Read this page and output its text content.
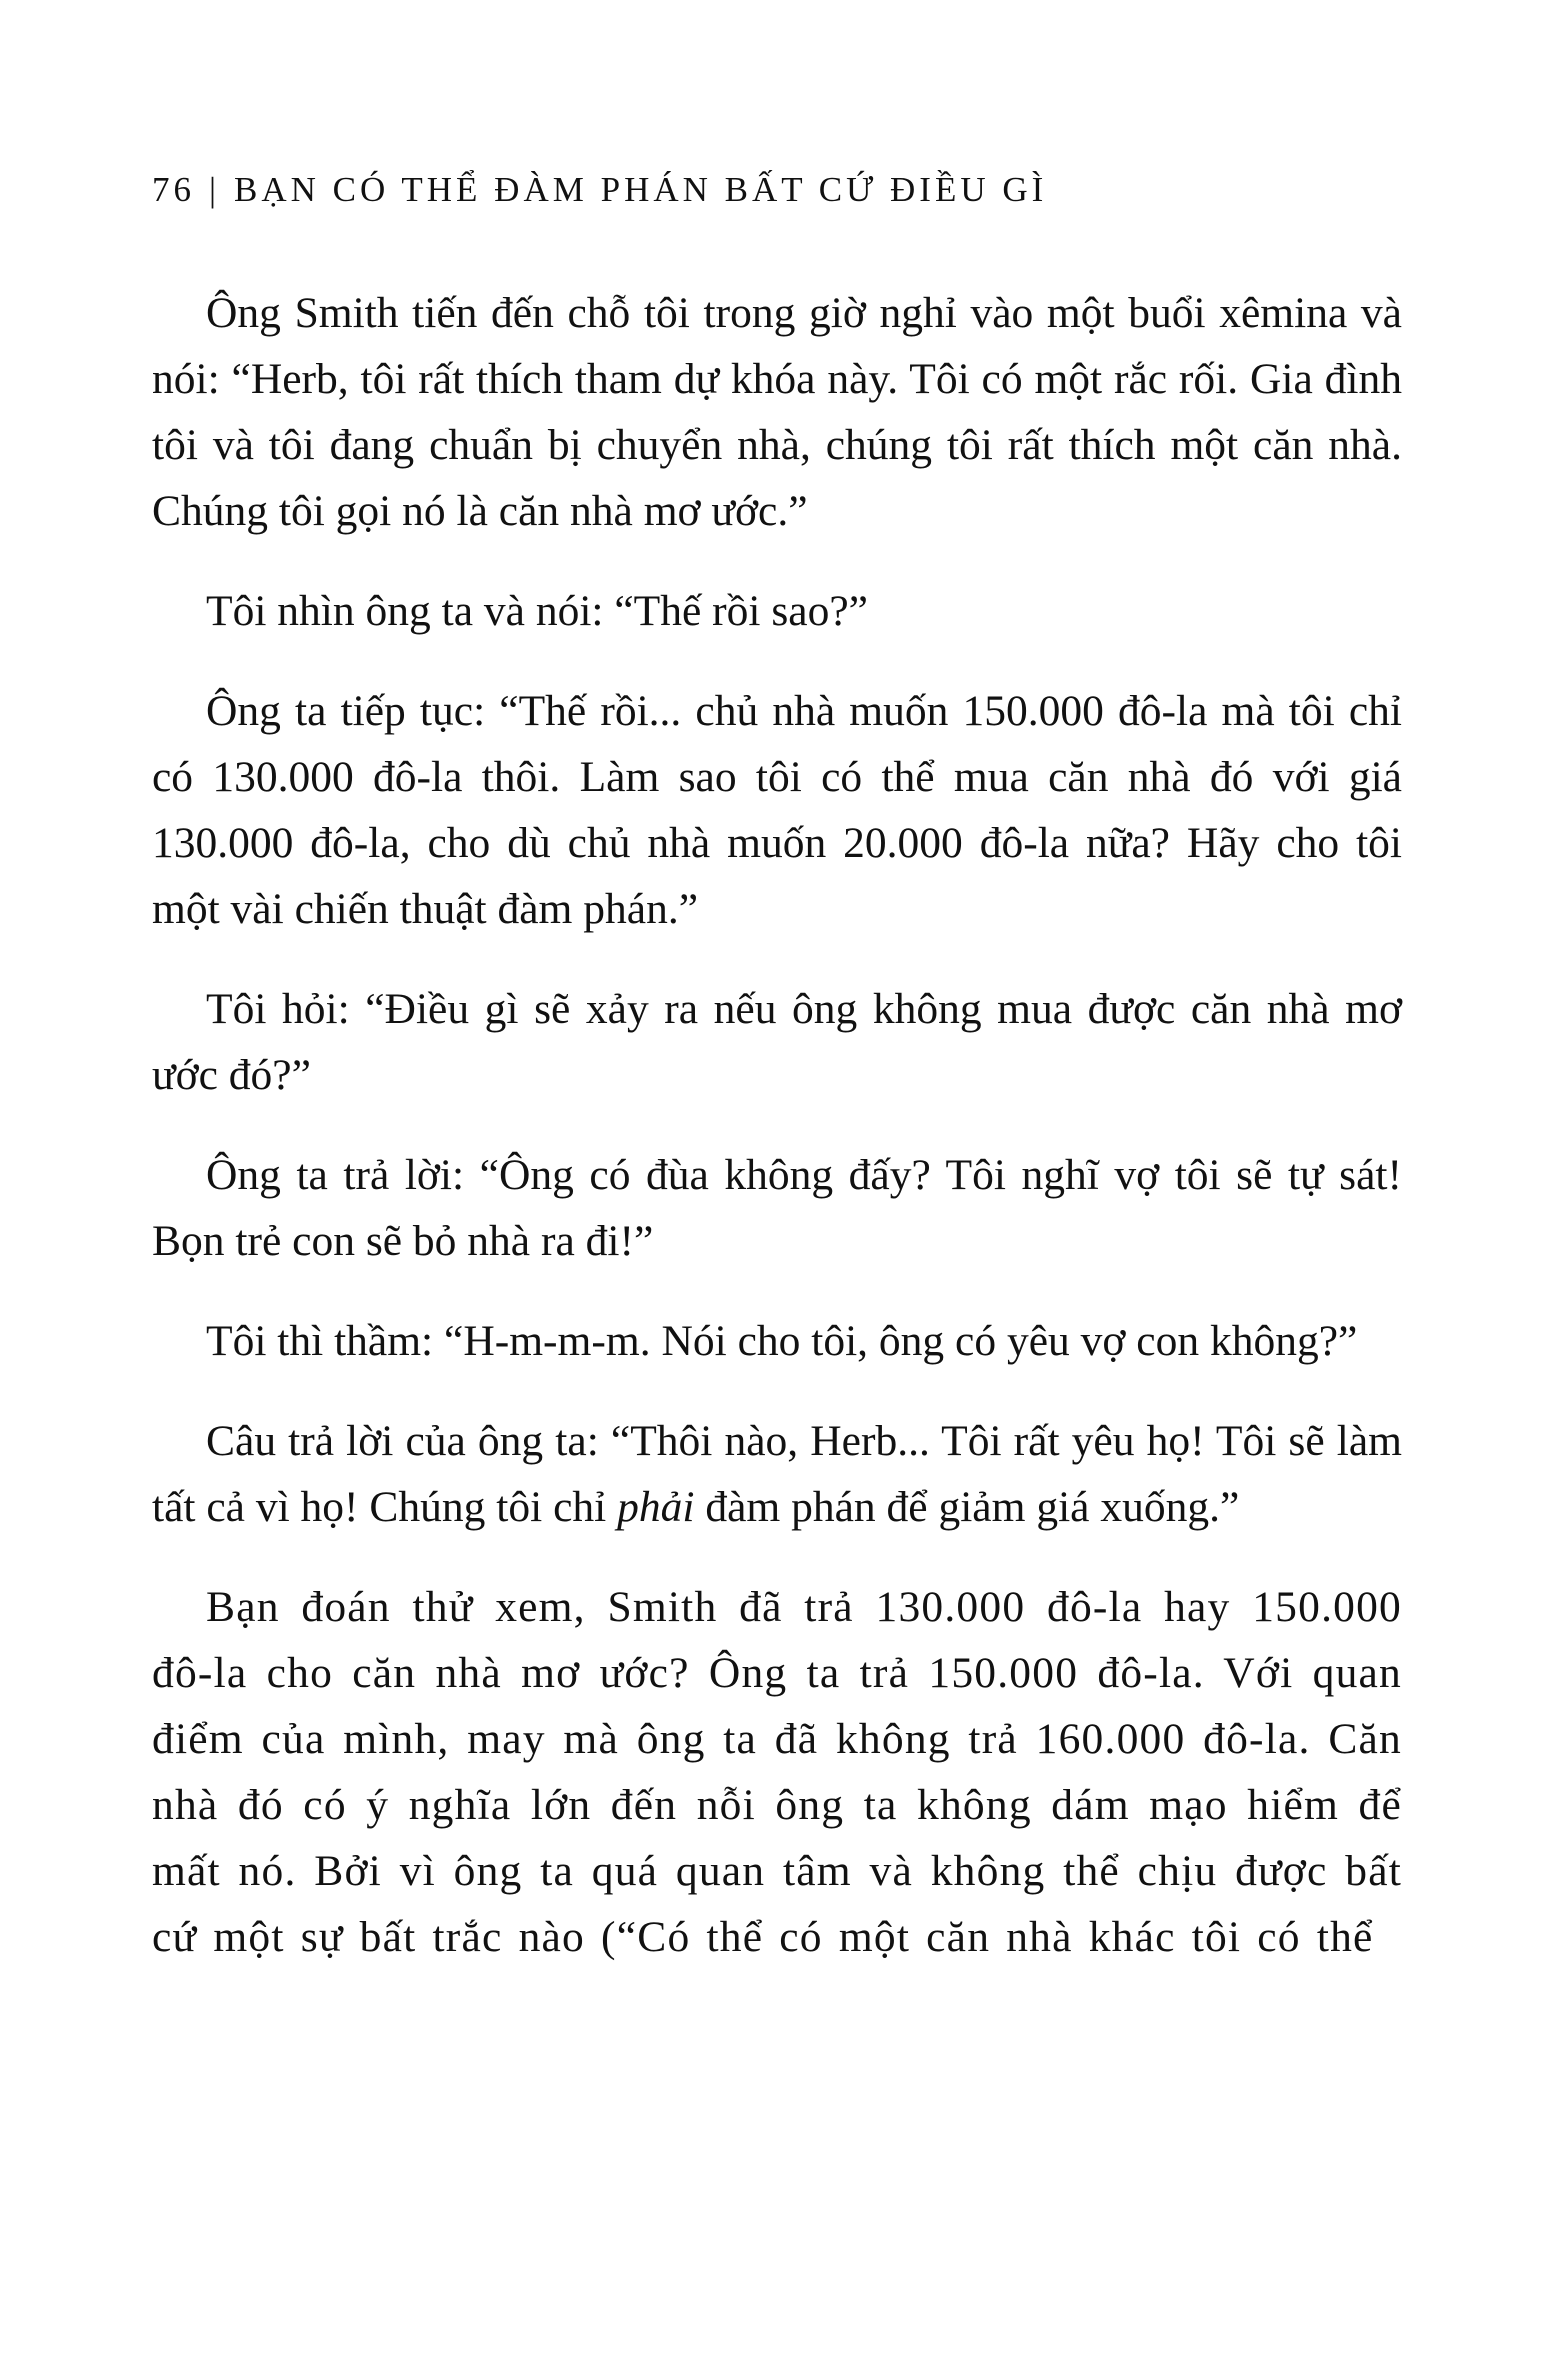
76 | BẠN CÓ THỂ ĐÀM PHÁN BẤT CỨ ĐIỀU GÌ

Ông Smith tiến đến chỗ tôi trong giờ nghỉ vào một buổi xêmina và nói: “Herb, tôi rất thích tham dự khóa này. Tôi có một rắc rối. Gia đình tôi và tôi đang chuẩn bị chuyển nhà, chúng tôi rất thích một căn nhà. Chúng tôi gọi nó là căn nhà mơ ước.”

Tôi nhìn ông ta và nói: “Thế rồi sao?”

Ông ta tiếp tục: “Thế rồi... chủ nhà muốn 150.000 đô-la mà tôi chỉ có 130.000 đô-la thôi. Làm sao tôi có thể mua căn nhà đó với giá 130.000 đô-la, cho dù chủ nhà muốn 20.000 đô-la nữa? Hãy cho tôi một vài chiến thuật đàm phán.”

Tôi hỏi: “Điều gì sẽ xảy ra nếu ông không mua được căn nhà mơ ước đó?”

Ông ta trả lời: “Ông có đùa không đấy? Tôi nghĩ vợ tôi sẽ tự sát! Bọn trẻ con sẽ bỏ nhà ra đi!”

Tôi thì thầm: “H-m-m-m. Nói cho tôi, ông có yêu vợ con không?”

Câu trả lời của ông ta: “Thôi nào, Herb... Tôi rất yêu họ! Tôi sẽ làm tất cả vì họ! Chúng tôi chỉ phải đàm phán để giảm giá xuống.”

Bạn đoán thử xem, Smith đã trả 130.000 đô-la hay 150.000 đô-la cho căn nhà mơ ước? Ông ta trả 150.000 đô-la. Với quan điểm của mình, may mà ông ta đã không trả 160.000 đô-la. Căn nhà đó có ý nghĩa lớn đến nỗi ông ta không dám mạo hiểm để mất nó. Bởi vì ông ta quá quan tâm và không thể chịu được bất cứ một sự bất trắc nào (“Có thể có một căn nhà khác tôi có thể
